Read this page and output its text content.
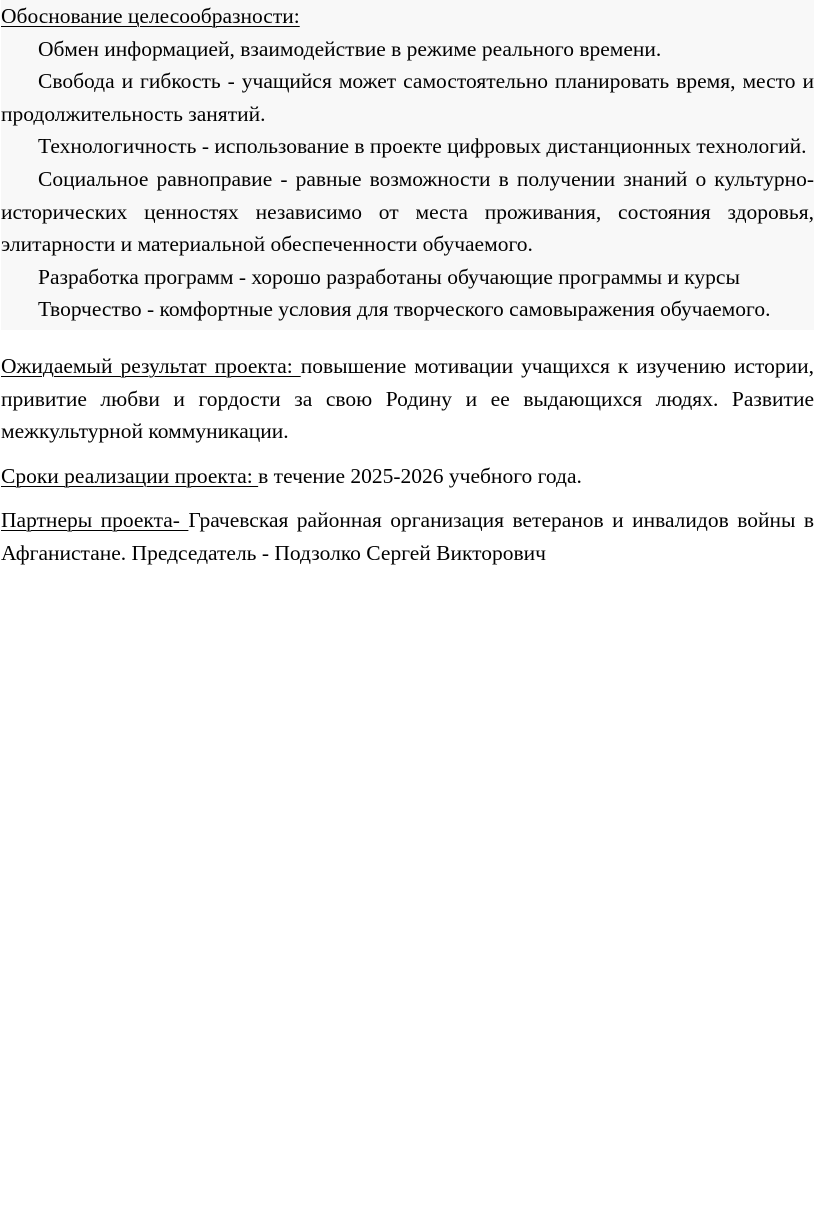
Обоснование целесообразности:

Обмен информацией, взаимодействие в режиме реального времени.

Свобода и гибкость - учащийся может самостоятельно планировать время, место и продолжительность занятий.

Технологичность - использование в проекте цифровых дистанционных технологий.

Социальное равноправие - равные возможности в получении знаний о культурно-исторических ценностях независимо от места проживания, состояния здоровья, элитарности и материальной обеспеченности обучаемого.

Разработка программ - хорошо разработаны обучающие программы и курсы

Творчество - комфортные условия для творческого самовыражения обучаемого.

Ожидаемый результат проекта: повышение мотивации учащихся к изучению истории, привитие любви и гордости за свою Родину и ее выдающихся людях. Развитие межкультурной коммуникации.

Сроки реализации проекта: в течение 2025-2026 учебного года.

Партнеры проекта- Грачевская районная организация ветеранов и инвалидов войны в Афганистане. Председатель - Подзолко Сергей Викторович
